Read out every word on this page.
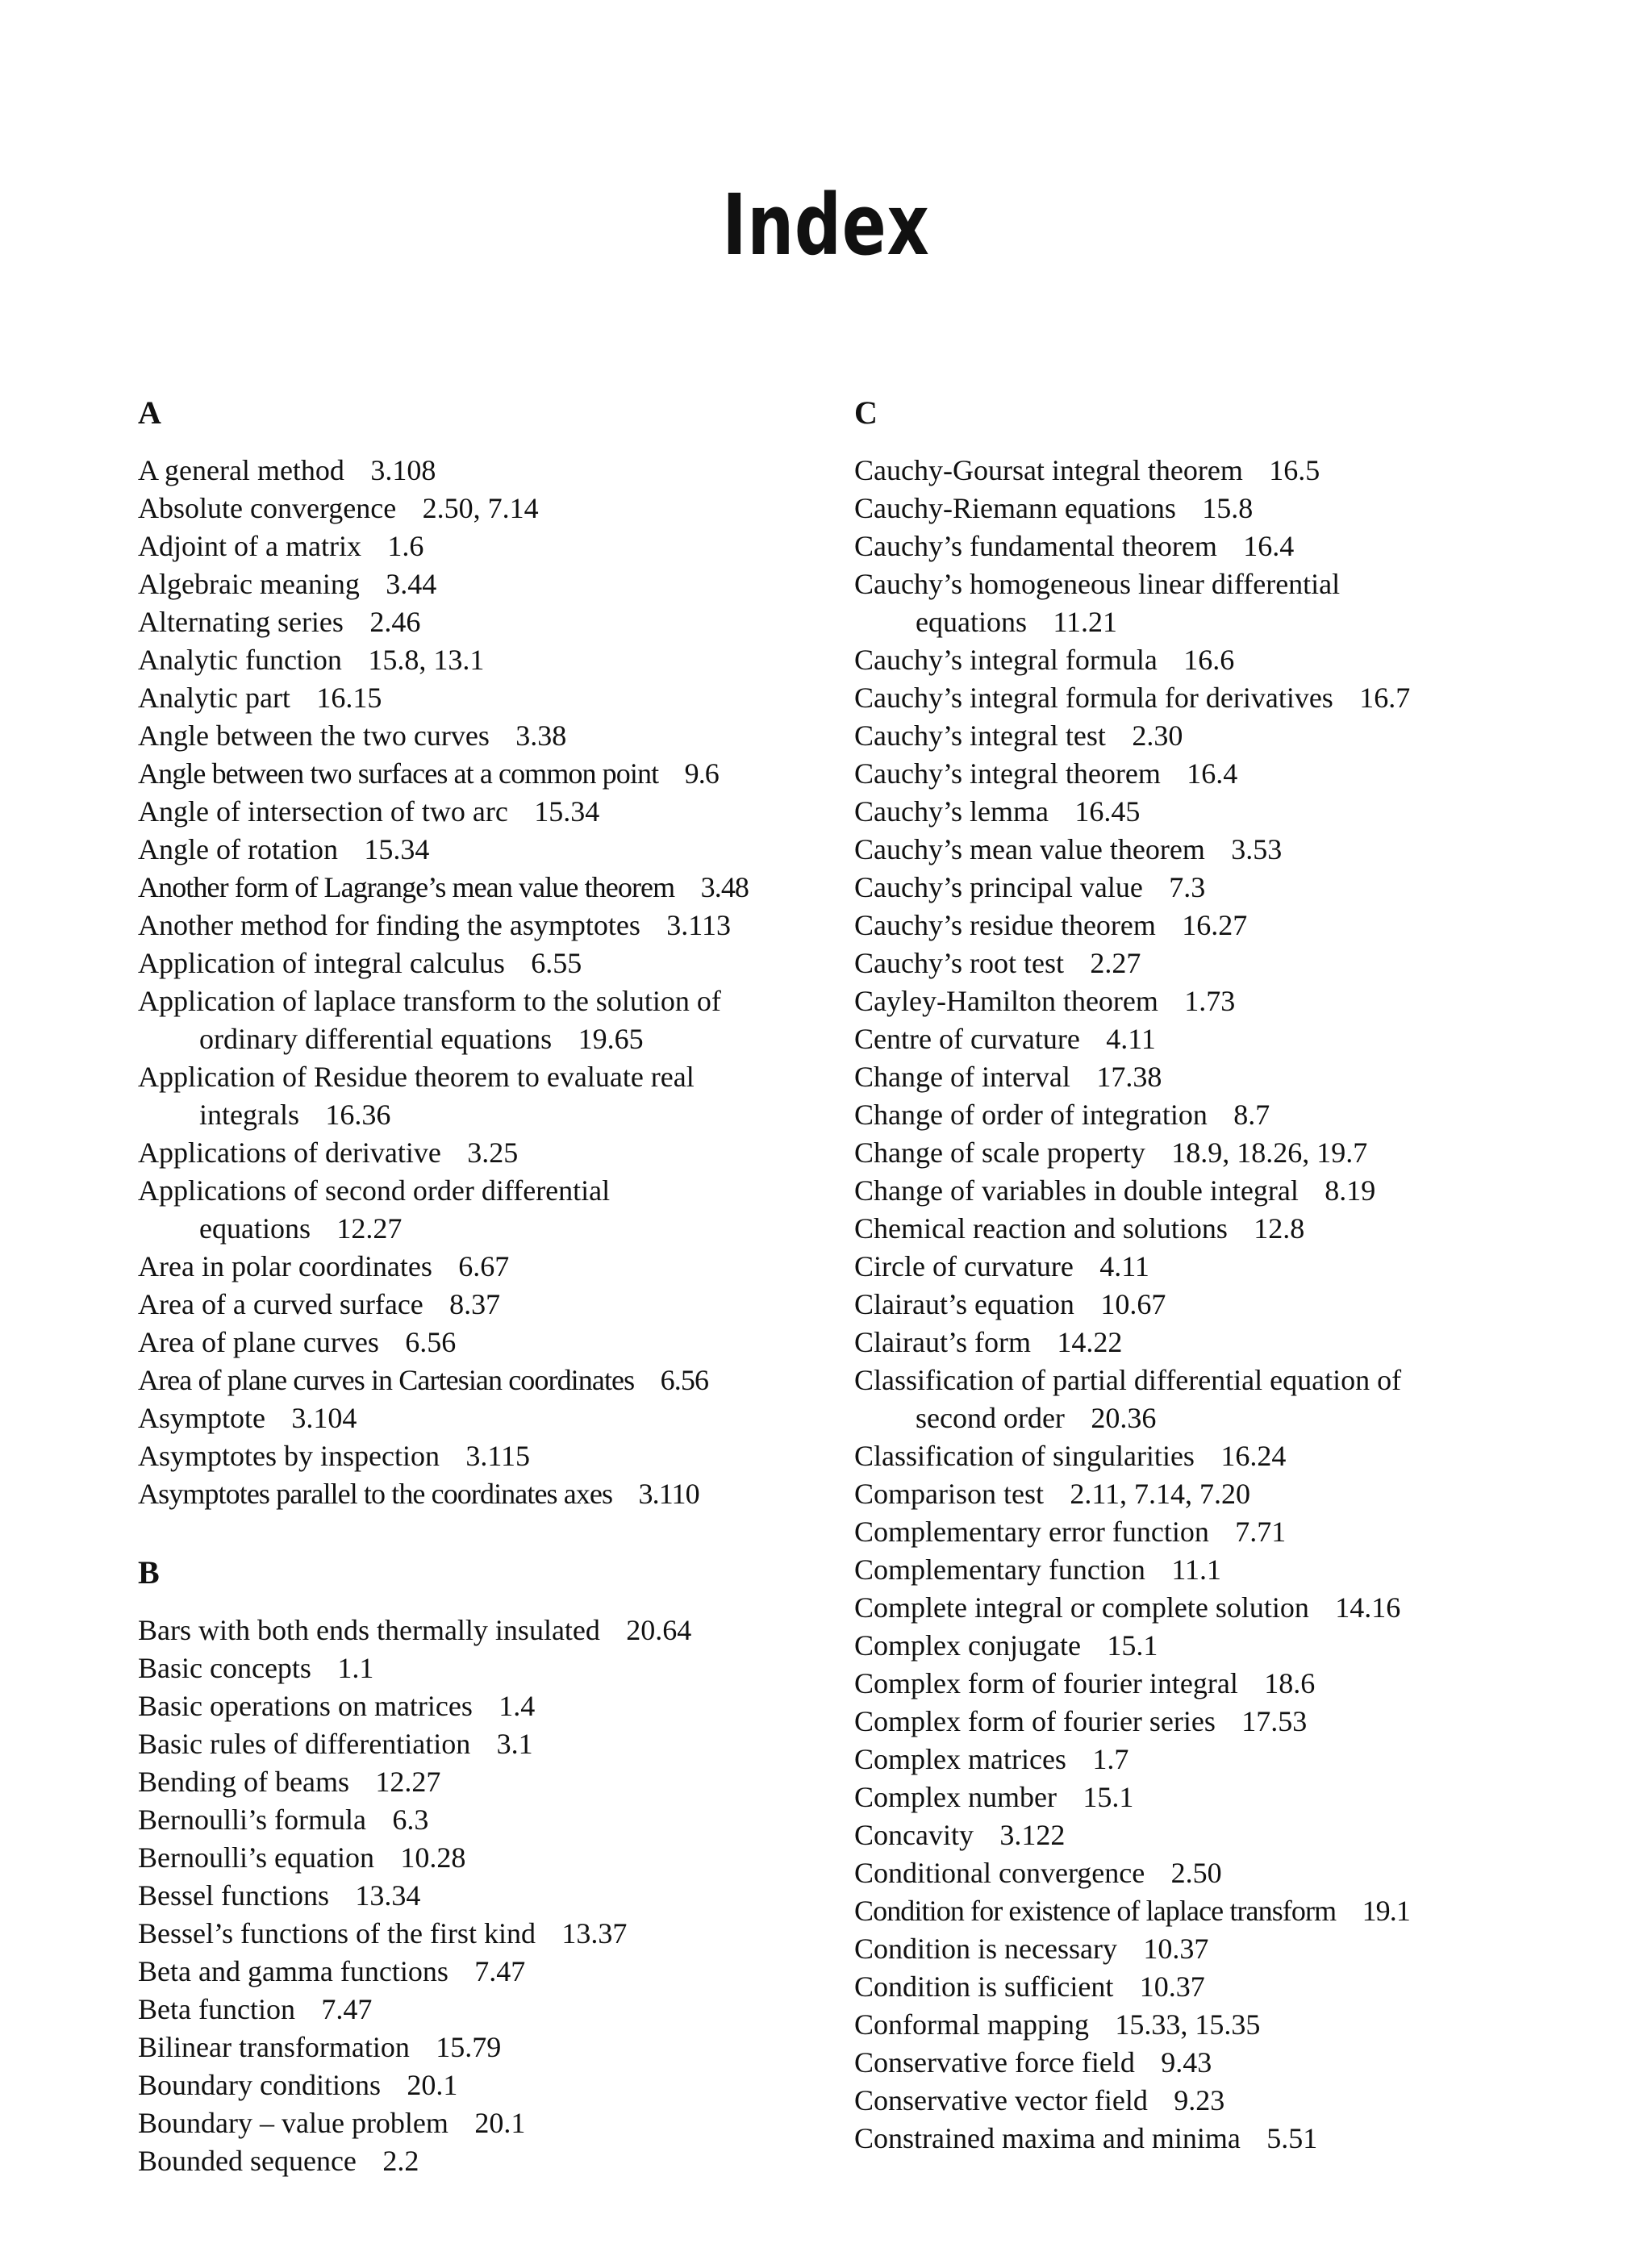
Index
A
A general method 3.108
Absolute convergence 2.50, 7.14
Adjoint of a matrix 1.6
Algebraic meaning 3.44
Alternating series 2.46
Analytic function 15.8, 13.1
Analytic part 16.15
Angle between the two curves 3.38
Angle between two surfaces at a common point 9.6
Angle of intersection of two arc 15.34
Angle of rotation 15.34
Another form of Lagrange’s mean value theorem 3.48
Another method for finding the asymptotes 3.113
Application of integral calculus 6.55
Application of laplace transform to the solution of
ordinary differential equations 19.65
Application of Residue theorem to evaluate real
integrals 16.36
Applications of derivative 3.25
Applications of second order differential
equations 12.27
Area in polar coordinates 6.67
Area of a curved surface 8.37
Area of plane curves 6.56
Area of plane curves in Cartesian coordinates 6.56
Asymptote 3.104
Asymptotes by inspection 3.115
Asymptotes parallel to the coordinates axes 3.110
B
Bars with both ends thermally insulated 20.64
Basic concepts 1.1
Basic operations on matrices 1.4
Basic rules of differentiation 3.1
Bending of beams 12.27
Bernoulli’s formula 6.3
Bernoulli’s equation 10.28
Bessel functions 13.34
Bessel’s functions of the first kind 13.37
Beta and gamma functions 7.47
Beta function 7.47
Bilinear transformation 15.79
Boundary conditions 20.1
Boundary – value problem 20.1
Bounded sequence 2.2
C
Cauchy-Goursat integral theorem 16.5
Cauchy-Riemann equations 15.8
Cauchy’s fundamental theorem 16.4
Cauchy’s homogeneous linear differential
equations 11.21
Cauchy’s integral formula 16.6
Cauchy’s integral formula for derivatives 16.7
Cauchy’s integral test 2.30
Cauchy’s integral theorem 16.4
Cauchy’s lemma 16.45
Cauchy’s mean value theorem 3.53
Cauchy’s principal value 7.3
Cauchy’s residue theorem 16.27
Cauchy’s root test 2.27
Cayley-Hamilton theorem 1.73
Centre of curvature 4.11
Change of interval 17.38
Change of order of integration 8.7
Change of scale property 18.9, 18.26, 19.7
Change of variables in double integral 8.19
Chemical reaction and solutions 12.8
Circle of curvature 4.11
Clairaut’s equation 10.67
Clairaut’s form 14.22
Classification of partial differential equation of
second order 20.36
Classification of singularities 16.24
Comparison test 2.11, 7.14, 7.20
Complementary error function 7.71
Complementary function 11.1
Complete integral or complete solution 14.16
Complex conjugate 15.1
Complex form of fourier integral 18.6
Complex form of fourier series 17.53
Complex matrices 1.7
Complex number 15.1
Concavity 3.122
Conditional convergence 2.50
Condition for existence of laplace transform 19.1
Condition is necessary 10.37
Condition is sufficient 10.37
Conformal mapping 15.33, 15.35
Conservative force field 9.43
Conservative vector field 9.23
Constrained maxima and minima 5.51
